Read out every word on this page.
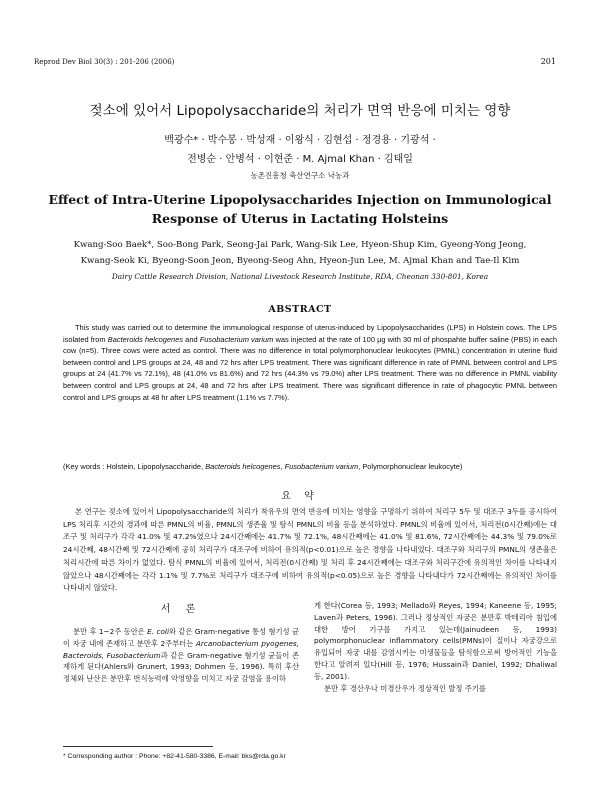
Reprod Dev Biol 30(3) : 201-206 (2006)	201
젖소에 있어서 Lipopolysaccharide의 처리가 면역 반응에 미치는 영향
백광수* · 박수봉 · 박성재 · 이왕식 · 김현섭 · 정경용 · 기광석 ·
전병순 · 안병석 · 이현준 · M. Ajmal Khan · 김태일
농촌진흥청 축산연구소 낙농과
Effect of Intra-Uterine Lipopolysaccharides Injection on Immunological
Response of Uterus in Lactating Holsteins
Kwang-Soo Baek*, Soo-Bong Park, Seong-Jai Park, Wang-Sik Lee, Hyeon-Shup Kim, Gyeong-Yong Jeong,
Kwang-Seok Ki, Byeong-Soon Jeon, Byeong-Seog Ahn, Hyeon-Jun Lee, M. Ajmal Khan and Tae-Il Kim
Dairy Cattle Research Division, National Livestock Research Institute, RDA, Cheonan 330-801, Korea
ABSTRACT
This study was carried out to determine the immunological response of uterus-induced by Lipopolysaccharides (LPS) in Holstein cows. The LPS isolated from Bacteroids helcogenes and Fusobacterium varium was injected at the rate of 100 μg with 30 ml of phospahte buffer saline (PBS) in each cow (n=5). Three cows were acted as control. There was no difference in total polymorphonuclear leukocytes (PMNL) concentration in uterine fluid between control and LPS groups at 24, 48 and 72 hrs after LPS treatment. There was significant difference in rate of PMNL between control and LPS groups at 24 (41.7% vs 72.1%), 48 (41.0% vs 81.6%) and 72 hrs (44.3% vs 79.0%) after LPS treatment. There was no difference in PMNL viability between control and LPS groups at 24, 48 and 72 hrs after LPS treatment. There was significant difference in rate of phagocytic PMNL between control and LPS groups at 48 hr after LPS treatment (1.1% vs 7.7%).
(Key words : Holstein, Lipopolysaccharide, Bacteroids helcogenes, Fusobacterium varium, Polymorphonuclear leukocyte)
요 약
본 연구는 젖소에 있어서 Lipopolysaccharide의 처리가 착유우의 면역 반응에 미치는 영향을 구명하기 위하여 처리구 5두 및 대조구 3두를 공시하여 LPS 처리후 시간의 경과에 따른 PMNL의 비율, PMNL의 생존율 및 탐식 PMNL의 비율 등을 분석하였다. PMNL의 비율에 있어서, 처리전(0시간째)에는 대조구 및 처리구가 각각 41.0% 및 47.2%였으나 24시간째에는 41.7% 및 72.1%, 48시간째에는 41.0% 및 81.6%, 72시간째에는 44.3% 및 79.0%로 24시간째, 48시간째 및 72시간째에 공히 처리구가 대조구에 비하여 유의적(p<0.01)으로 높은 경향을 나타내었다. 대조구와 처리구의 PMNL의 생존율은 처리시간에 따른 차이가 없었다. 탐식 PMNL의 비율에 있어서, 처리전(0시간째) 및 처리 후 24시간째에는 대조구와 처리구간에 유의적인 차이를 나타내지 않았으나 48시간째에는 각각 1.1% 및 7.7%로 처리구가 대조구에 비하여 유의적(p<0.05)으로 높은 경향을 나타내다가 72시간째에는 유의적인 차이를 나타내지 않았다.
서 론
분만 후 1~2주 동안은 E. coli와 같은 Gram-negative 통성 혐기성 균이 자궁 내에 존재하고 분만후 2주부터는 Arcanobacterium pyogenes, Bacteroids, Fusobacterium과 같은 Gram-negative 혐기성 균들이 존재하게 된다(Ahlers와 Grunert, 1993; Dohmen 등, 1996). 특히 후산정체와 난산은 분만후 번식능력에 악영향을 미치고 자궁 감염을 용이하
게 한다(Corea 등, 1993; Mellado와 Reyes, 1994; Kaneene 등, 1995; Laven과 Peters, 1996). 그러나 정상적인 자궁은 분만후 박테리아 침입에 대한 방어 기구를 가지고 있는데(Jainudeen 등, 1993) polymorphonuclear inflammatory cells(PMNs)이 질이나 자궁강으로 유입되어 자궁 내를 감염시키는 미생물들을 탐식함으로써 방어적인 기능을 한다고 알려져 있다(Hill 등, 1976; Hussain과 Daniel, 1992; Dhaliwal 등, 2001).
분만 후 경산우나 미경산우가 정상적인 발정 주기를
* Corresponding author : Phone: +82-41-580-3386, E-mail: bks@rda.go.kr
